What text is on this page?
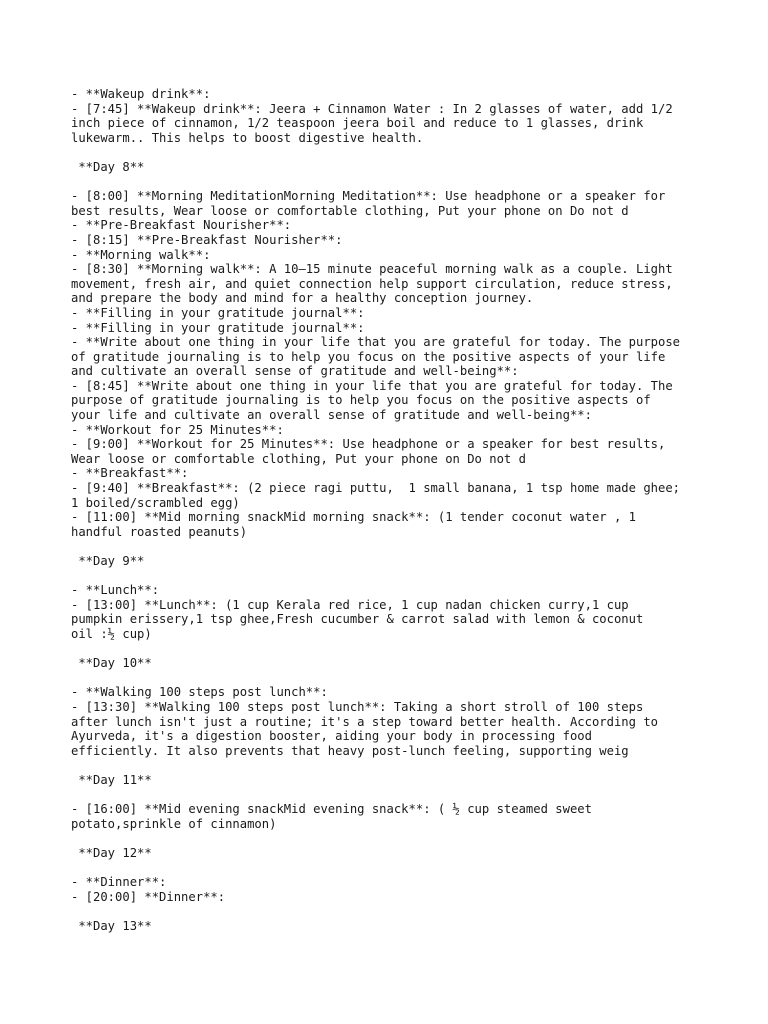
- **Wakeup drink**:
- [7:45] **Wakeup drink**: Jeera + Cinnamon Water : In 2 glasses of water, add 1/2
inch piece of cinnamon, 1/2 teaspoon jeera boil and reduce to 1 glasses, drink
lukewarm.. This helps to boost digestive health.
**Day 8**
- [8:00] **Morning MeditationMorning Meditation**: Use headphone or a speaker for
best results, Wear loose or comfortable clothing, Put your phone on Do not d
- **Pre-Breakfast Nourisher**:
- [8:15] **Pre-Breakfast Nourisher**:
- **Morning walk**:
- [8:30] **Morning walk**: A 10–15 minute peaceful morning walk as a couple. Light
movement, fresh air, and quiet connection help support circulation, reduce stress,
and prepare the body and mind for a healthy conception journey.
- **Filling in your gratitude journal**:
- **Filling in your gratitude journal**:
- **Write about one thing in your life that you are grateful for today. The purpose
of gratitude journaling is to help you focus on the positive aspects of your life
and cultivate an overall sense of gratitude and well-being**:
- [8:45] **Write about one thing in your life that you are grateful for today. The
purpose of gratitude journaling is to help you focus on the positive aspects of
your life and cultivate an overall sense of gratitude and well-being**:
- **Workout for 25 Minutes**:
- [9:00] **Workout for 25 Minutes**: Use headphone or a speaker for best results,
Wear loose or comfortable clothing, Put your phone on Do not d
- **Breakfast**:
- [9:40] **Breakfast**: (2 piece ragi puttu,  1 small banana, 1 tsp home made ghee;
1 boiled/scrambled egg)
- [11:00] **Mid morning snackMid morning snack**: (1 tender coconut water , 1
handful roasted peanuts)
**Day 9**
- **Lunch**:
- [13:00] **Lunch**: (1 cup Kerala red rice, 1 cup nadan chicken curry,1 cup
pumpkin erissery,1 tsp ghee,Fresh cucumber & carrot salad with lemon & coconut
oil :½ cup)
**Day 10**
- **Walking 100 steps post lunch**:
- [13:30] **Walking 100 steps post lunch**: Taking a short stroll of 100 steps
after lunch isn't just a routine; it's a step toward better health. According to
Ayurveda, it's a digestion booster, aiding your body in processing food
efficiently. It also prevents that heavy post-lunch feeling, supporting weig
**Day 11**
- [16:00] **Mid evening snackMid evening snack**: ( ½ cup steamed sweet
potato,sprinkle of cinnamon)
**Day 12**
- **Dinner**:
- [20:00] **Dinner**:
**Day 13**
